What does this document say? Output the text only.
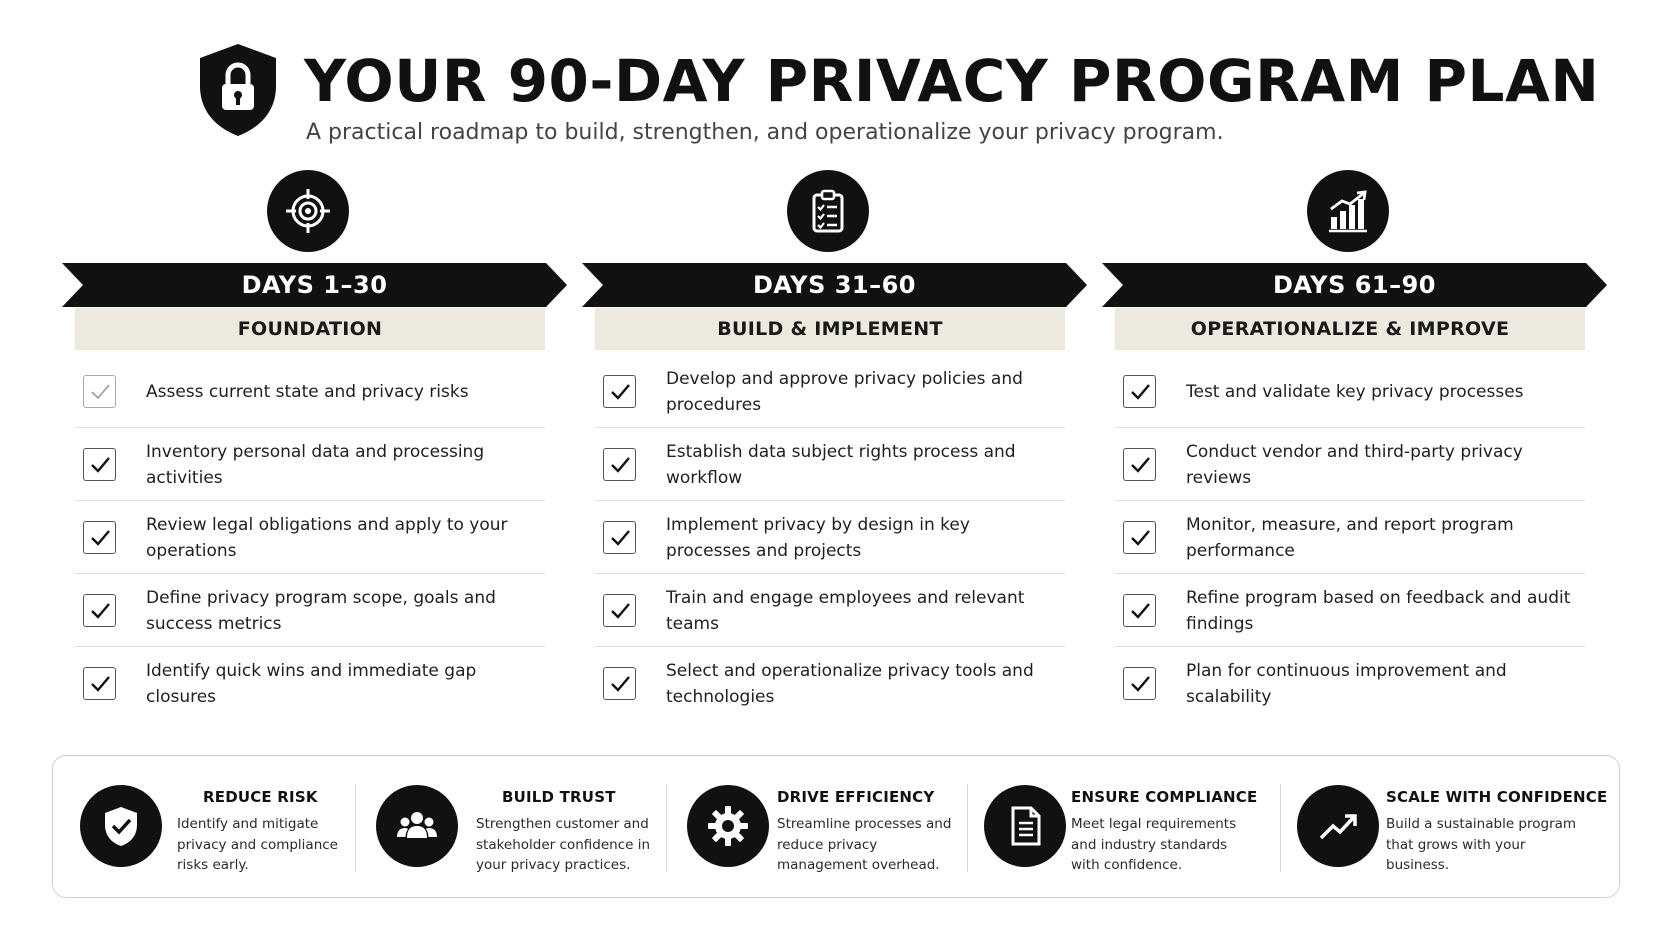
YOUR 90-DAY PRIVACY PROGRAM PLAN
A practical roadmap to build, strengthen, and operationalize your privacy program.
DAYS 1–30
FOUNDATION
Assess current state and privacy risks
Inventory personal data and processing activities
Review legal obligations and apply to your operations
Define privacy program scope, goals and success metrics
Identify quick wins and immediate gap closures
DAYS 31–60
BUILD & IMPLEMENT
Develop and approve privacy policies and procedures
Establish data subject rights process and workflow
Implement privacy by design in key processes and projects
Train and engage employees and relevant teams
Select and operationalize privacy tools and technologies
DAYS 61–90
OPERATIONALIZE & IMPROVE
Test and validate key privacy processes
Conduct vendor and third-party privacy reviews
Monitor, measure, and report program performance
Refine program based on feedback and audit findings
Plan for continuous improvement and scalability
REDUCE RISK
Identify and mitigate privacy and compliance risks early.
BUILD TRUST
Strengthen customer and stakeholder confidence in your privacy practices.
DRIVE EFFICIENCY
Streamline processes and reduce privacy management overhead.
ENSURE COMPLIANCE
Meet legal requirements and industry standards with confidence.
SCALE WITH CONFIDENCE
Build a sustainable program that grows with your business.
